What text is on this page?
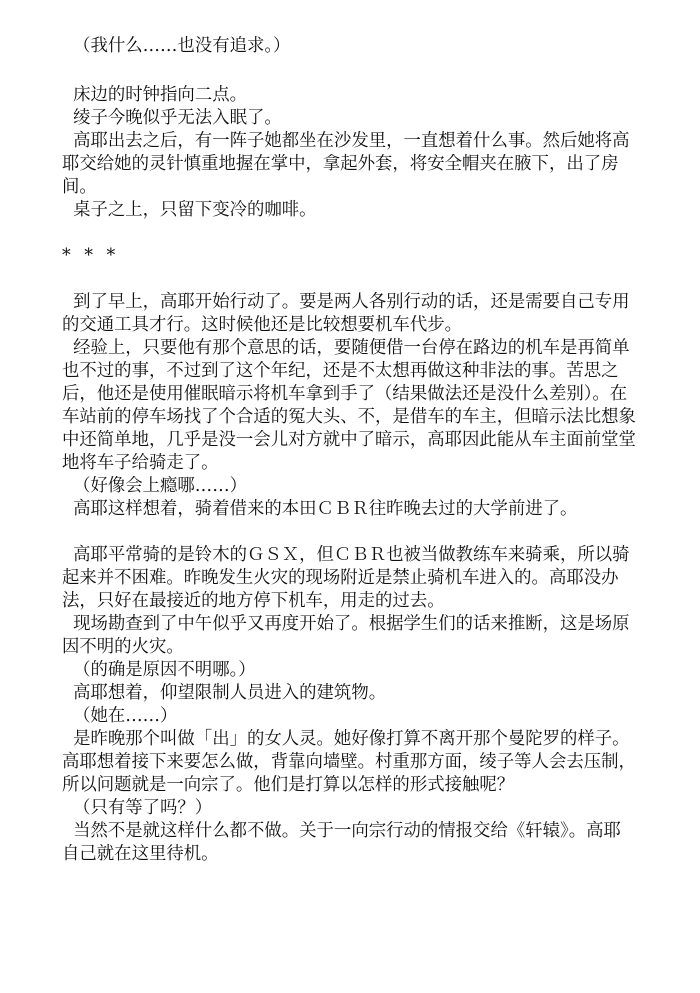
（我什么……也没有追求。）

床边的时钟指向二点。

绫子今晚似乎无法入眠了。

高耶出去之后，有一阵子她都坐在沙发里，一直想着什么事。然后她将高耶交给她的灵针慎重地握在掌中，拿起外套，将安全帽夹在腋下，出了房间。

桌子之上，只留下变冷的咖啡。

* * *

到了早上，高耶开始行动了。要是两人各别行动的话，还是需要自己专用的交通工具才行。这时候他还是比较想要机车代步。

经验上，只要他有那个意思的话，要随便借一台停在路边的机车是再简单也不过的事，不过到了这个年纪，还是不太想再做这种非法的事。苦思之后，他还是使用催眠暗示将机车拿到手了（结果做法还是没什么差别）。在车站前的停车场找了个合适的冤大头、不，是借车的车主，但暗示法比想象中还简单地，几乎是没一会儿对方就中了暗示，高耶因此能从车主面前堂堂地将车子给骑走了。

（好像会上瘾哪……）

高耶这样想着，骑着借来的本田ＣＢＲ往昨晚去过的大学前进了。

高耶平常骑的是铃木的ＧＳＸ，但ＣＢＲ也被当做教练车来骑乘，所以骑起来并不困难。昨晚发生火灾的现场附近是禁止骑机车进入的。高耶没办法，只好在最接近的地方停下机车，用走的过去。

现场勘查到了中午似乎又再度开始了。根据学生们的话来推断，这是场原因不明的火灾。

（的确是原因不明哪。）

高耶想着，仰望限制人员进入的建筑物。

（她在……）

是昨晚那个叫做「出」的女人灵。她好像打算不离开那个曼陀罗的样子。高耶想着接下来要怎么做，背靠向墙壁。村重那方面，绫子等人会去压制，所以问题就是一向宗了。他们是打算以怎样的形式接触呢？

（只有等了吗？）

当然不是就这样什么都不做。关于一向宗行动的情报交给《轩辕》。高耶自己就在这里待机。
